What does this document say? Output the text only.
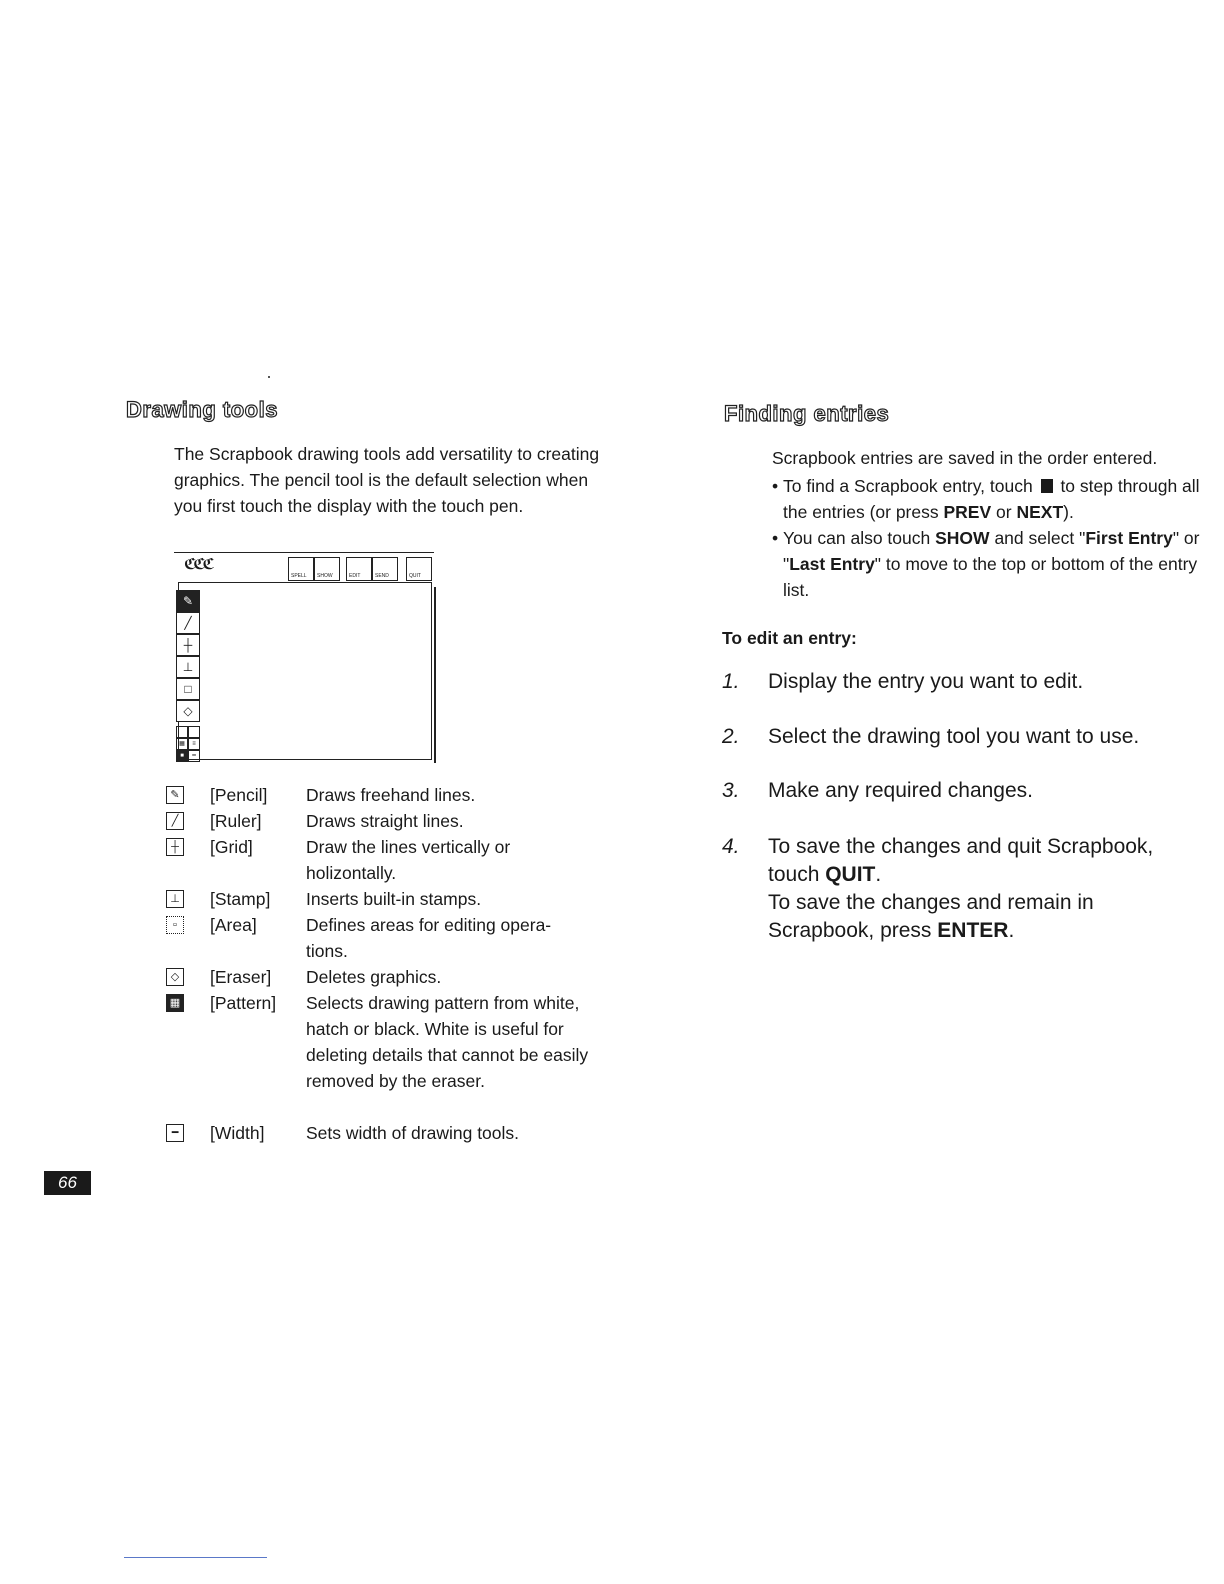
Drawing tools
The Scrapbook drawing tools add versatility to creating graphics. The pencil tool is the default selection when you first touch the display with the touch pen.
ℭℭℭ
SPELL SHOW	EDIT	SEND	QUIT
✎
╱
┼
⊥
□
◇
▦	≡
■	━
✎ [Pencil] Draws freehand lines.
╱	[Ruler]	Draws straight lines.
┼ [Grid]	Draw the lines vertically or holizontally.
⊥ [Stamp] Inserts built-in stamps.
▫	[Area]	Defines areas for editing opera-tions.
◇ [Eraser] Deletes graphics.
▦ [Pattern] Selects drawing pattern from white, hatch or black. White is useful for deleting details that cannot be easily removed by the eraser.
━	[Width] Sets width of drawing tools.
66
Finding entries
Scrapbook entries are saved in the order entered.
• To find a Scrapbook entry, touch to step through all the entries (or press PREV or NEXT).
• You can also touch SHOW and select "First Entry" or "Last Entry" to move to the top or bottom of the entry list.
To edit an entry:
1. Display the entry you want to edit.
2. Select the drawing tool you want to use.
3. Make any required changes.
4. To save the changes and quit Scrapbook, touch QUIT.
To save the changes and remain in Scrapbook, press ENTER.
